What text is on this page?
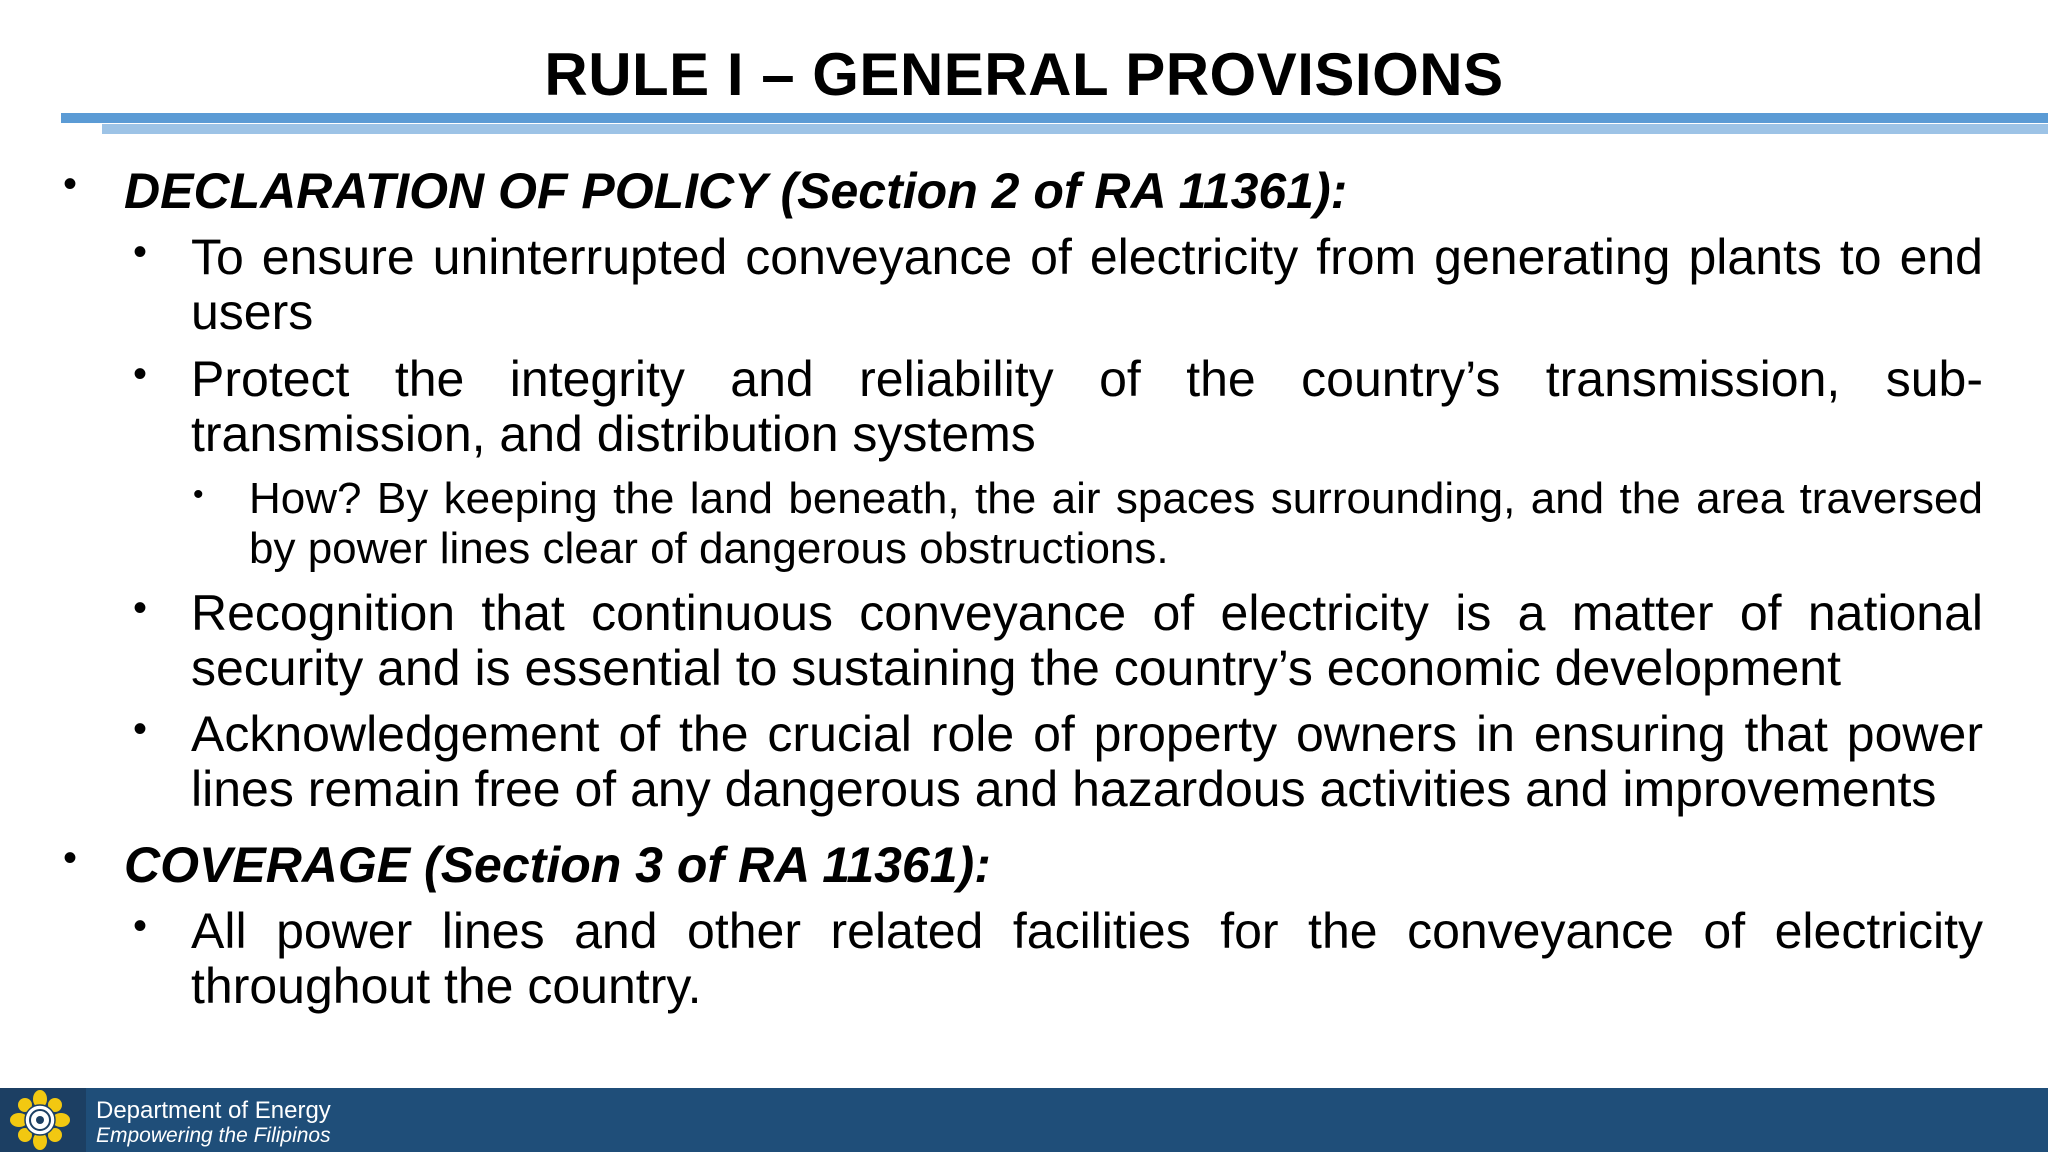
RULE I – GENERAL PROVISIONS
• DECLARATION OF POLICY (Section 2 of RA 11361):
• To ensure uninterrupted conveyance of electricity from generating plants to end users
• Protect the integrity and reliability of the country’s transmission, sub-transmission, and distribution systems
• How? By keeping the land beneath, the air spaces surrounding, and the area traversed by power lines clear of dangerous obstructions.
• Recognition that continuous conveyance of electricity is a matter of national security and is essential to sustaining the country’s economic development
• Acknowledgement of the crucial role of property owners in ensuring that power lines remain free of any dangerous and hazardous activities and improvements
• COVERAGE (Section 3 of RA 11361):
• All power lines and other related facilities for the conveyance of electricity throughout the country.
Department of Energy
Empowering the Filipinos
